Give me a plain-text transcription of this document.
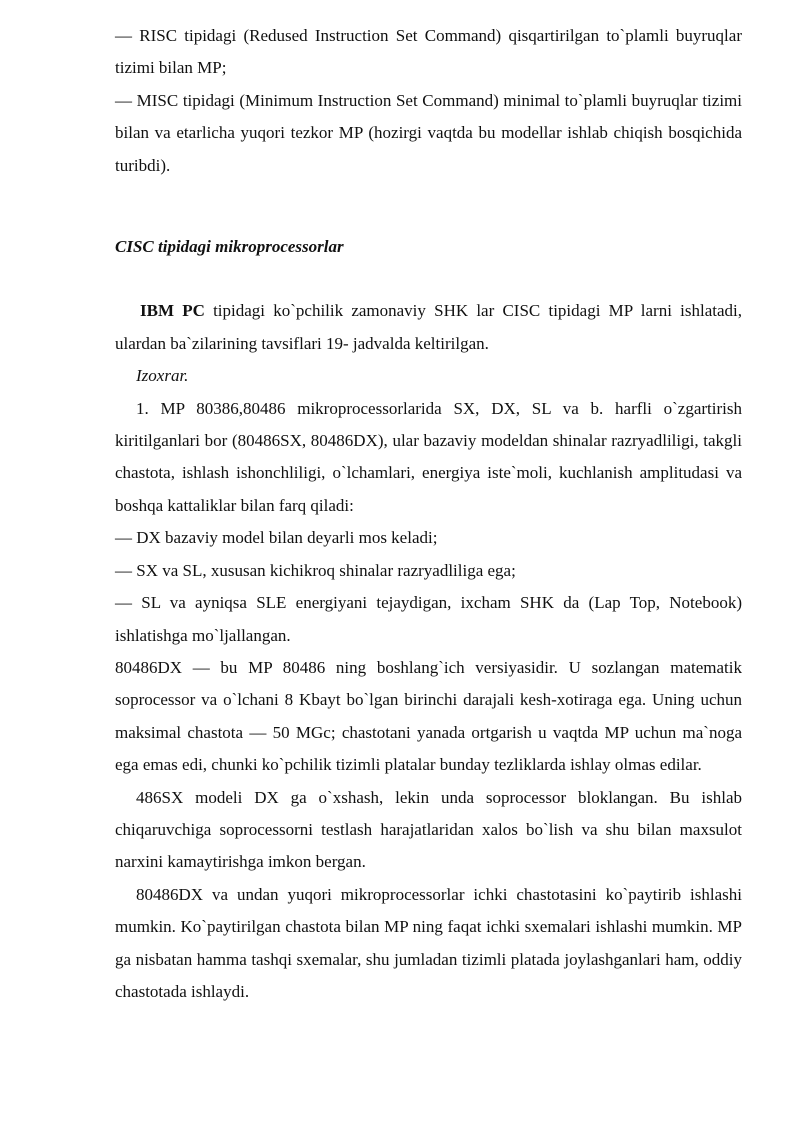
— RISC tipidagi (Redused Instruction Set Command) qisqartirilgan to`plamli buyruqlar tizimi bilan MP;

— MISC tipidagi (Minimum Instruction Set Command) minimal to`plamli buyruqlar tizimi bilan va etarlicha yuqori tezkor MP (hozirgi vaqtda bu modellar ishlab chiqish bosqichida turibdi).

CISC tipidagi mikroprocessorlar

IBM PC tipidagi ko`pchilik zamonaviy SHK lar CISC tipidagi MP larni ishlatadi, ulardan ba`zilarining tavsiflari 19- jadvalda keltirilgan.

Izoxrar.

1. MP 80386,80486 mikroprocessorlarida SX, DX, SL va b. harfli o`zgartirish kiritilganlari bor (80486SX, 80486DX), ular bazaviy modeldan shinalar razryadliligi, takgli chastota, ishlash ishonchliligi, o`lchamlari, energiya iste`moli, kuchlanish amplitudasi va boshqa kattaliklar bilan farq qiladi:

— DX bazaviy model bilan deyarli mos keladi;

— SX va SL, xususan kichikroq shinalar razryadliliga ega;

— SL va ayniqsa SLE energiyani tejaydigan, ixcham SHK da (Lap Top, Notebook) ishlatishga mo`ljallangan.

80486DX — bu MP 80486 ning boshlang`ich versiyasidir. U sozlangan matematik soprocessor va o`lchani 8 Kbayt bo`lgan birinchi darajali kesh-xotiraga ega. Uning uchun maksimal chastota — 50 MGc; chastotani yanada ortgarish u vaqtda MP uchun ma`noga ega emas edi, chunki ko`pchilik tizimli platalar bunday tezliklarda ishlay olmas edilar.

486SX modeli DX ga o`xshash, lekin unda soprocessor bloklangan. Bu ishlab chiqaruvchiga soprocessorni testlash harajatlaridan xalos bo`lish va shu bilan maxsulot narxini kamaytirishga imkon bergan.

80486DX va undan yuqori mikroprocessorlar ichki chastotasini ko`paytirib ishlashi mumkin. Ko`paytirilgan chastota bilan MP ning faqat ichki sxemalari ishlashi mumkin. MP ga nisbatan hamma tashqi sxemalar, shu jumladan tizimli platada joylashganlari ham, oddiy chastotada ishlaydi.
